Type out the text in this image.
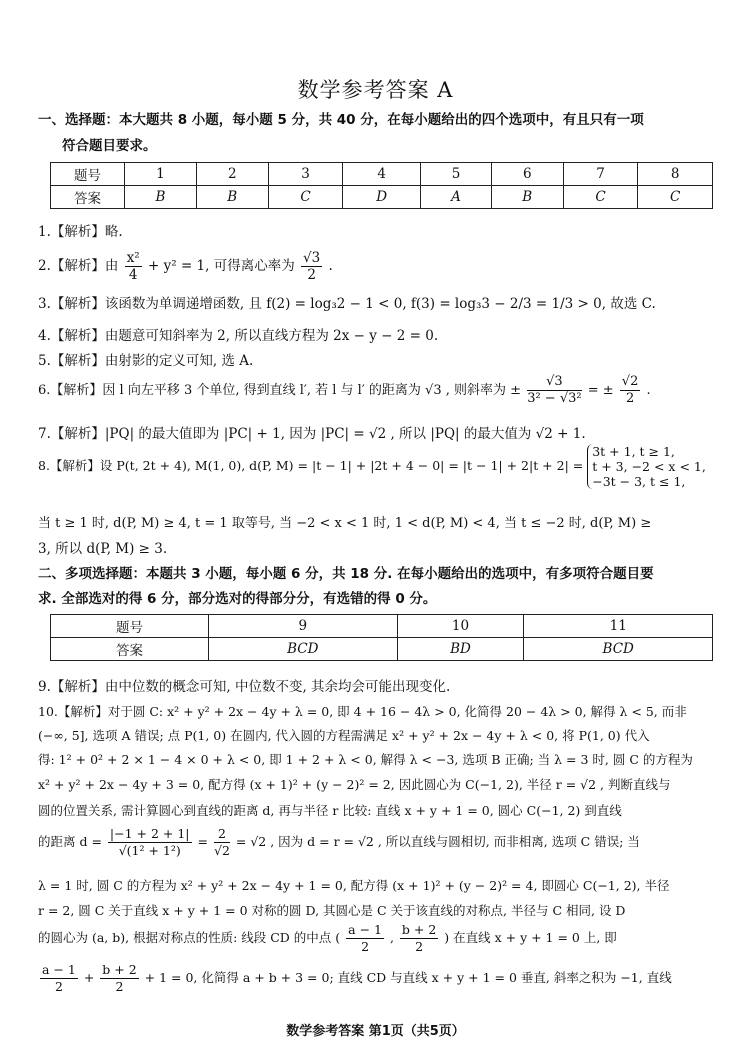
数学参考答案 A
一、选择题：本大题共 8 小题，每小题 5 分，共 40 分，在每小题给出的四个选项中，有且只有一项
符合题目要求。
题号	1	2	3	4	5	6	7	8
答案	B	B	C	D	A	B	C	C
1.【解析】略.
2.【解析】由 $\frac{\text{x²}}{4} + y^2 = 1$, 可得离心率为 $\frac{√3}{2}$ .
3.【解析】该函数为单调递增函数, 且 f(2) = log₃2 − 1 < 0, f(3) = log₃3 − 2/3 = 1/3 > 0, 故选 C.
4.【解析】由题意可知斜率为 2, 所以直线方程为 2x − y − 2 = 0.
5.【解析】由射影的定义可知, 选 A.
6.【解析】因 l 向左平移 3 个单位, 得到直线 l′, 若 l 与 l′ 的距离为 √3 , 则斜率为 ± $\frac{√3}{\text{3² − √3²}}$ = ± $\frac{√2}{2}$ .
7.【解析】|PQ| 的最大值即为 |PC| + 1, 因为 |PC| = √2 , 所以 |PQ| 的最大值为 √2 + 1.
8.【解析】设 P(t, 2t + 4), M(1, 0), d(P, M) = |t − 1| + |2t + 4 − 0| = |t − 1| + 2|t + 2| =
3t + 1, t ≥ 1,
t + 3, −2 < x < 1,
−3t − 3, t ≤ 1,
当 t ≥ 1 时, d(P, M) ≥ 4, t = 1 取等号, 当 −2 < x < 1 时, 1 < d(P, M) < 4, 当 t ≤ −2 时, d(P, M) ≥
3, 所以 d(P, M) ≥ 3.
二、多项选择题：本题共 3 小题，每小题 6 分，共 18 分. 在每小题给出的选项中，有多项符合题目要
求. 全部选对的得 6 分，部分选对的得部分分，有选错的得 0 分。
题号	9	10	11
答案	BCD	BD	BCD
9.【解析】由中位数的概念可知, 中位数不变, 其余均会可能出现变化.
10.【解析】对于圆 C: x² + y² + 2x − 4y + λ = 0, 即 4 + 16 − 4λ > 0, 化简得 20 − 4λ > 0, 解得 λ < 5, 而非
(−∞, 5], 选项 A 错误; 点 P(1, 0) 在圆内, 代入圆的方程需满足 x² + y² + 2x − 4y + λ < 0, 将 P(1, 0) 代入
得: 1² + 0² + 2 × 1 − 4 × 0 + λ < 0, 即 1 + 2 + λ < 0, 解得 λ < −3, 选项 B 正确; 当 λ = 3 时, 圆 C 的方程为
x² + y² + 2x − 4y + 3 = 0, 配方得 (x + 1)² + (y − 2)² = 2, 因此圆心为 C(−1, 2), 半径 r = √2 , 判断直线与
圆的位置关系, 需计算圆心到直线的距离 d, 再与半径 r 比较: 直线 x + y + 1 = 0, 圆心 C(−1, 2) 到直线
的距离 $d = \frac{|-1 + 2 + 1|}{\text{√(1² + 1²)}} = \frac{2}{√2} = √2$ , 因为 d = r = √2 , 所以直线与圆相切, 而非相离, 选项 C 错误; 当
λ = 1 时, 圆 C 的方程为 x² + y² + 2x − 4y + 1 = 0, 配方得 (x + 1)² + (y − 2)² = 4, 即圆心 C(−1, 2), 半径
r = 2, 圆 C 关于直线 x + y + 1 = 0 对称的圆 D, 其圆心是 C 关于该直线的对称点, 半径与 C 相同, 设 D
的圆心为 (a, b), 根据对称点的性质: 线段 CD 的中点 ( $\frac{a - 1}{2}$ , $\frac{b + 2}{2}$ ) 在直线 x + y + 1 = 0 上, 即
$\frac{a - 1}{2} + \frac{b + 2}{2} + 1 = 0$, 化简得 a + b + 3 = 0; 直线 CD 与直线 x + y + 1 = 0 垂直, 斜率之积为 −1, 直线
数学参考答案 第1页（共5页）
